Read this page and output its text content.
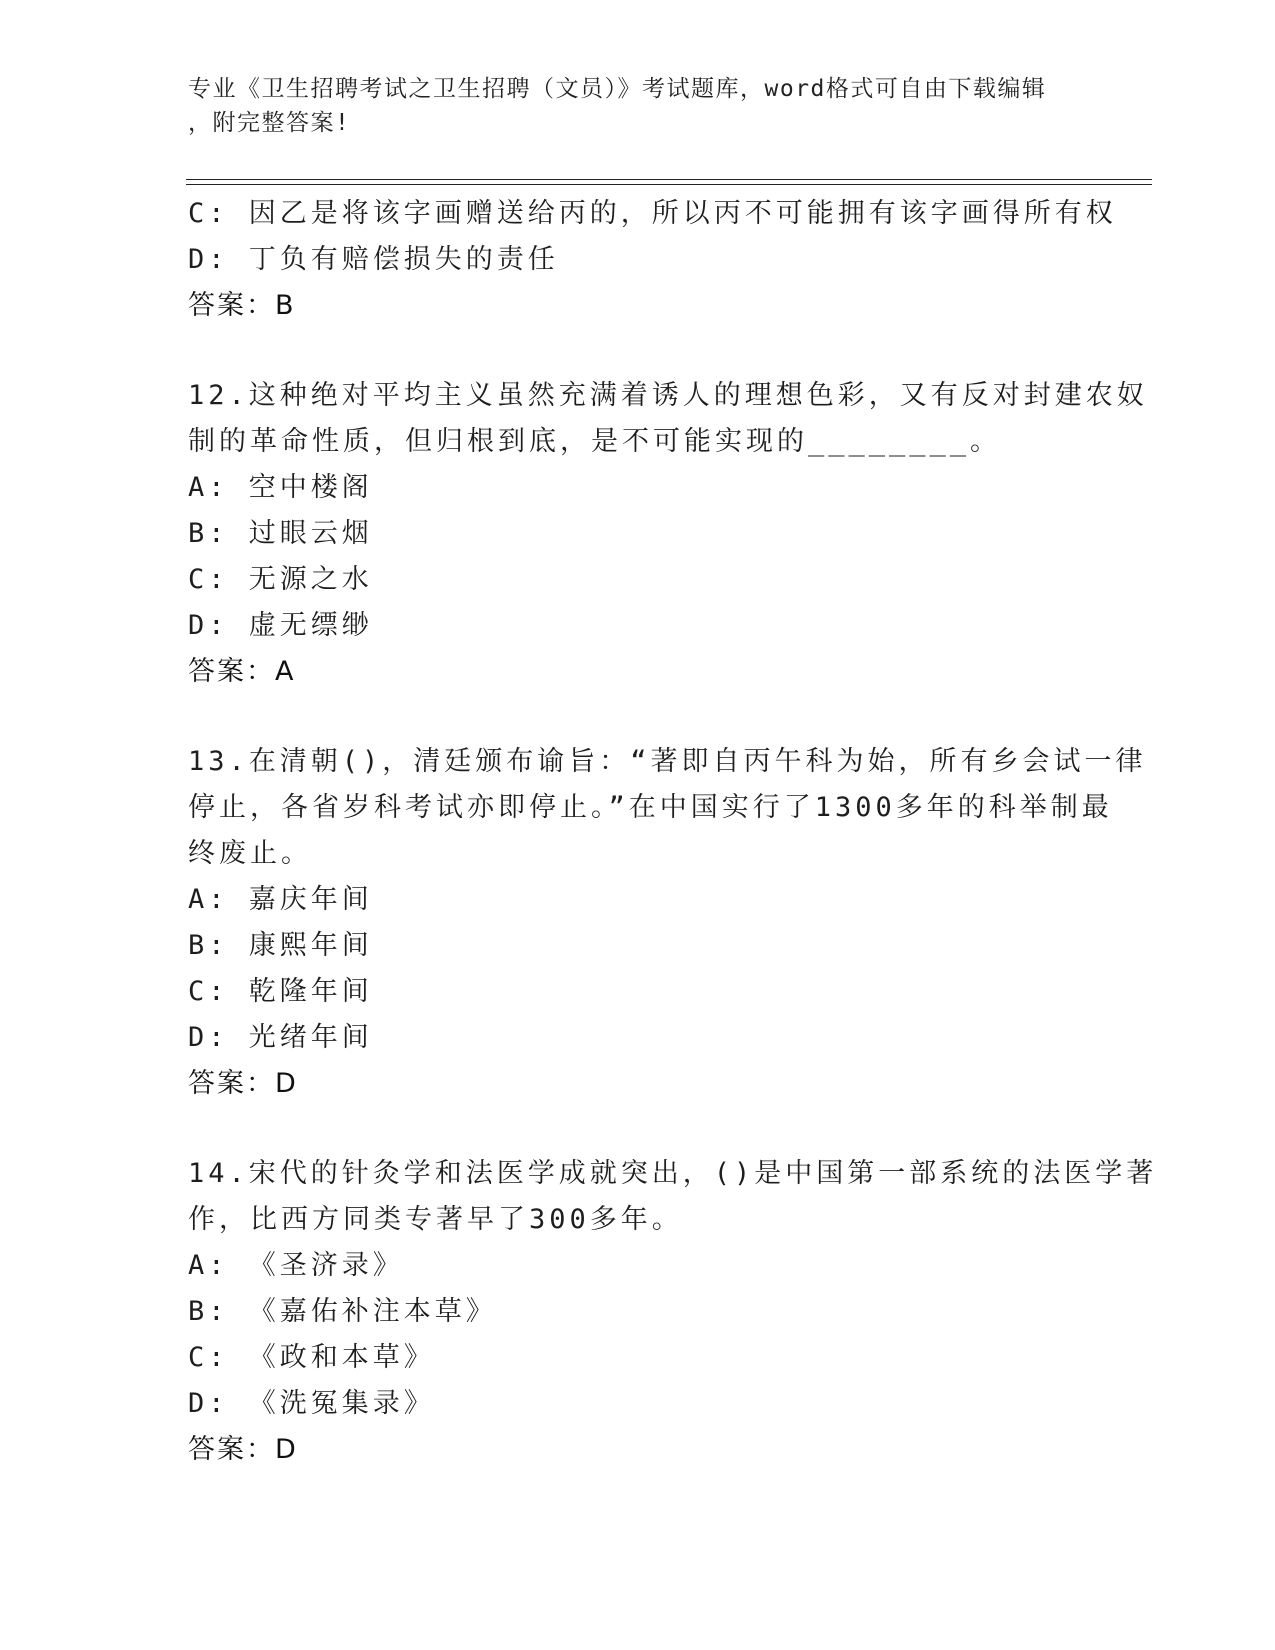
专业《卫生招聘考试之卫生招聘（文员）》考试题库，word格式可自由下载编辑
，附完整答案!
C: 因乙是将该字画赠送给丙的，所以丙不可能拥有该字画得所有权
D: 丁负有赔偿损失的责任
答案：B
12.这种绝对平均主义虽然充满着诱人的理想色彩，又有反对封建农奴
制的革命性质，但归根到底，是不可能实现的________。
A: 空中楼阁
B: 过眼云烟
C: 无源之水
D: 虚无缥缈
答案：A
13.在清朝()，清廷颁布谕旨：“著即自丙午科为始，所有乡会试一律
停止，各省岁科考试亦即停止。”在中国实行了1300多年的科举制最
终废止。
A: 嘉庆年间
B: 康熙年间
C: 乾隆年间
D: 光绪年间
答案：D
14.宋代的针灸学和法医学成就突出，()是中国第一部系统的法医学著
作，比西方同类专著早了300多年。
A: 《圣济录》
B: 《嘉佑补注本草》
C: 《政和本草》
D: 《洗冤集录》
答案：D
